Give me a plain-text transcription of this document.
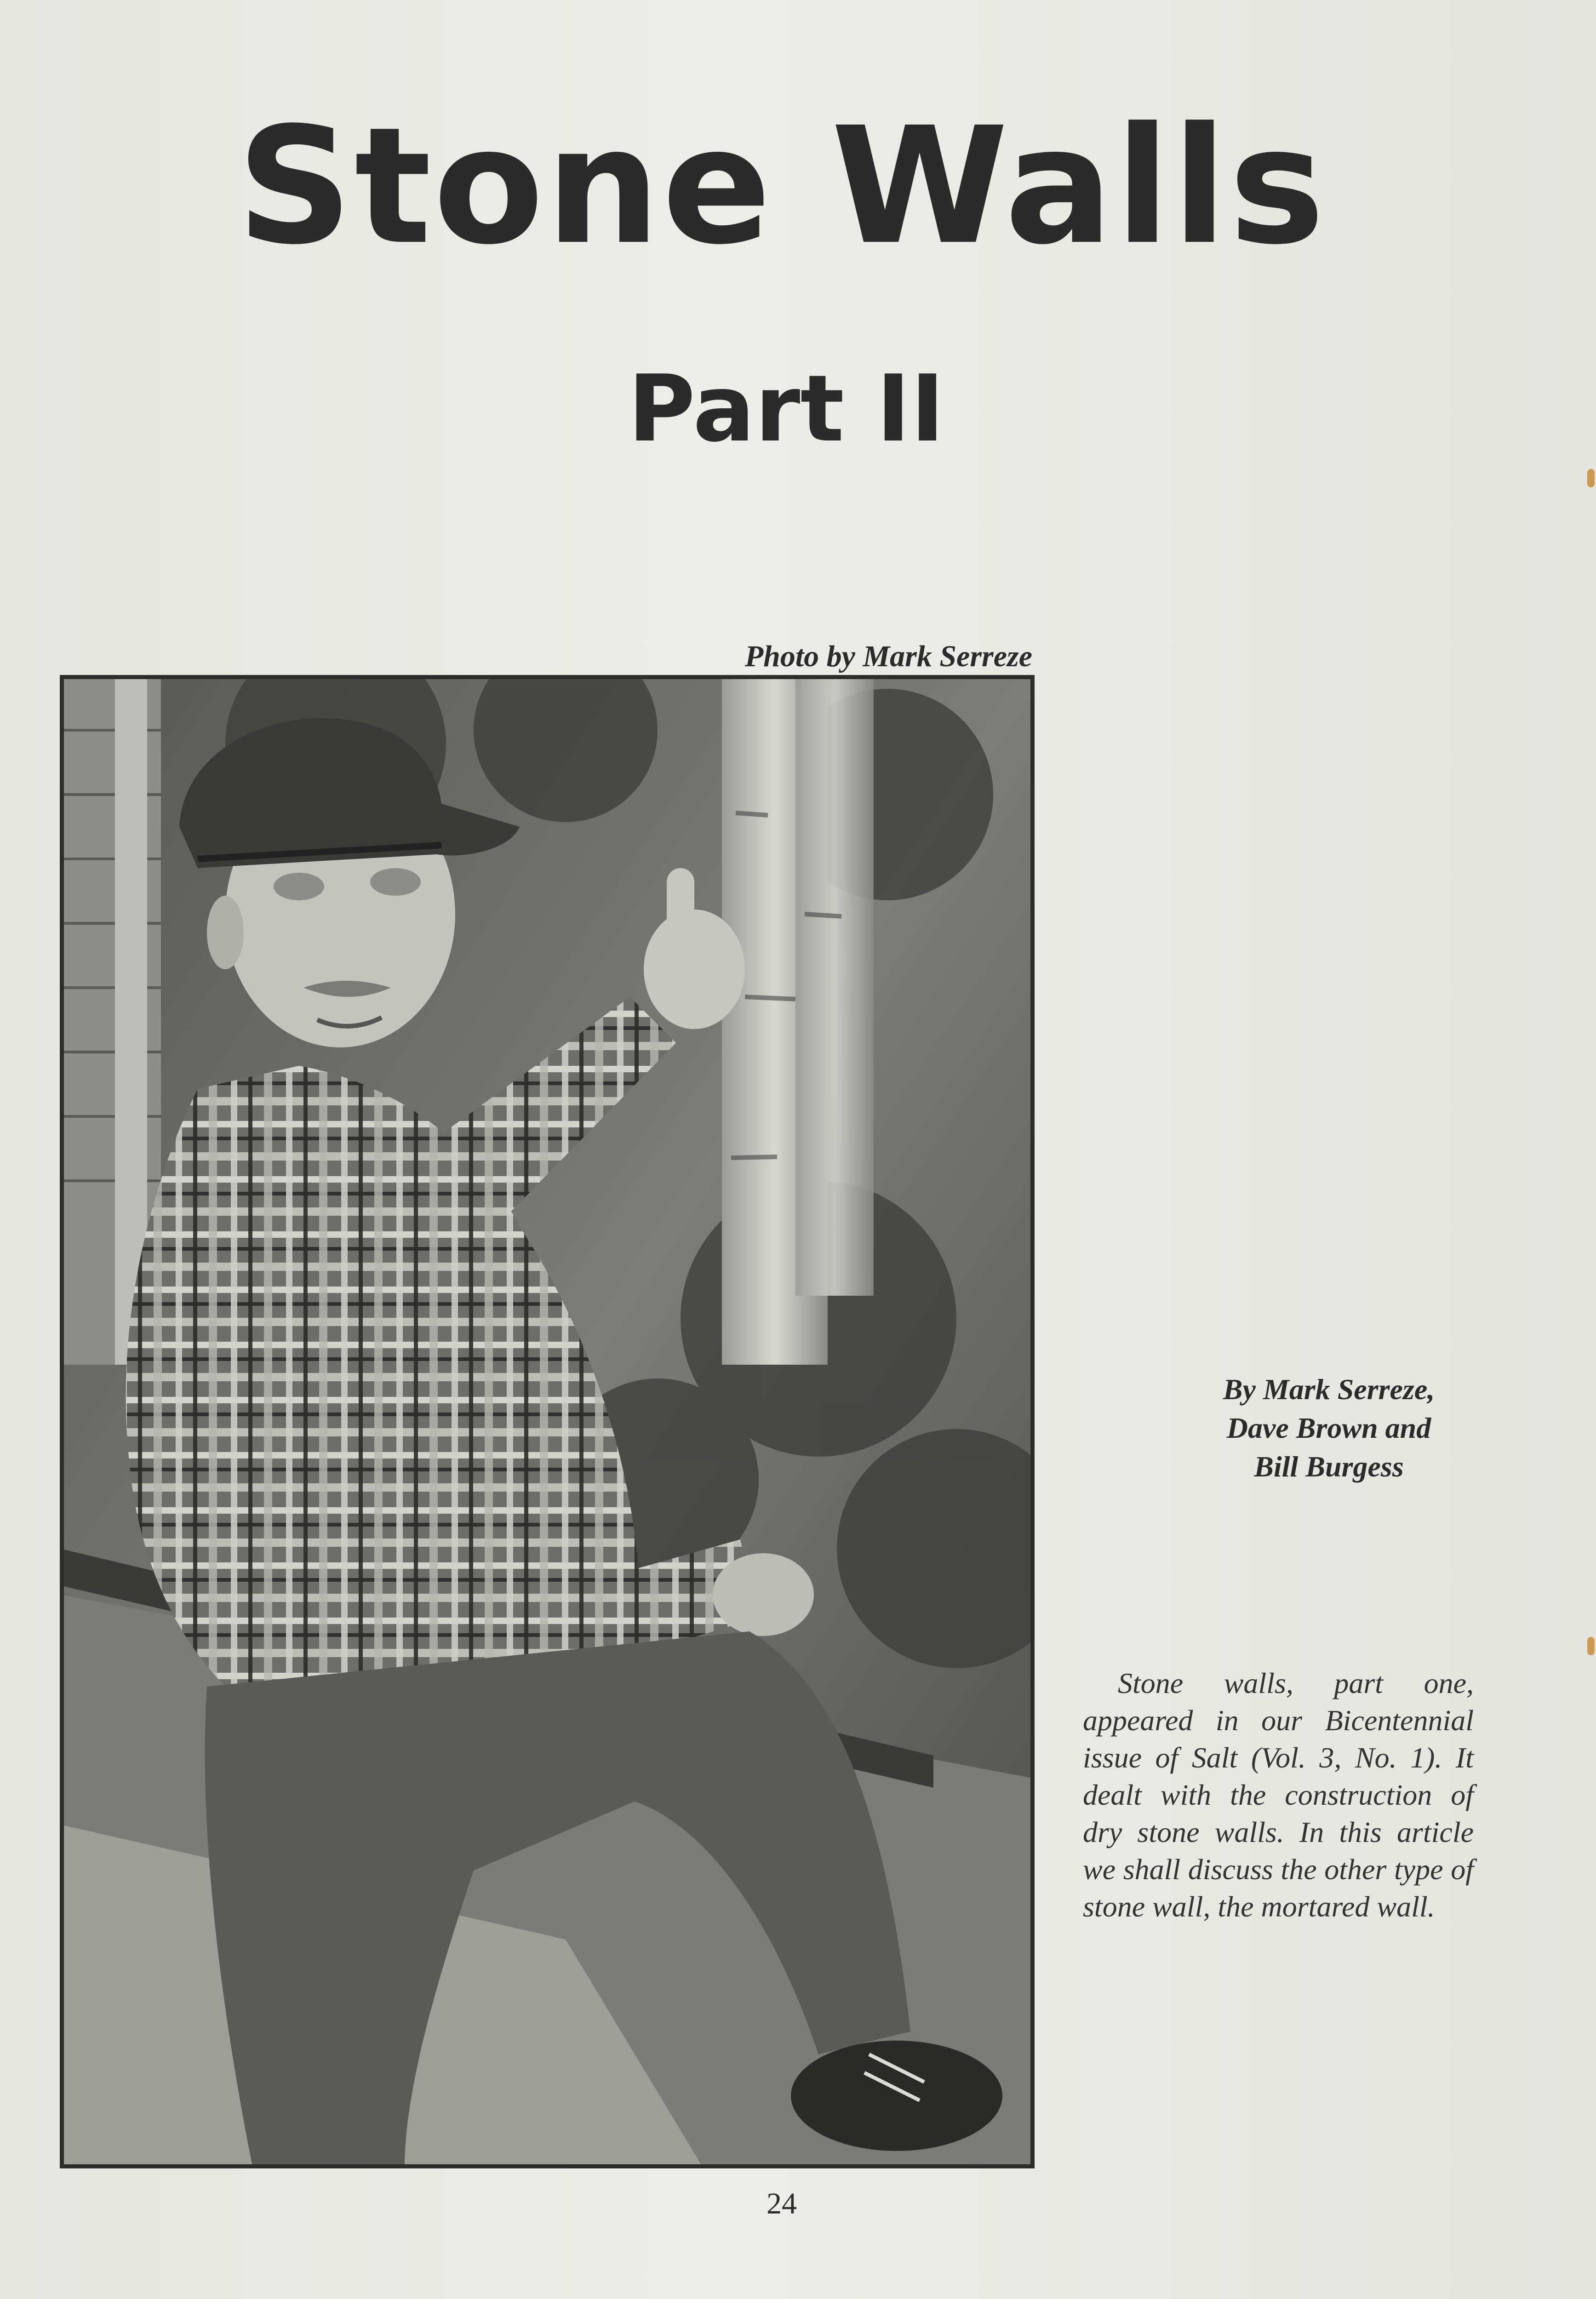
Stone Walls
Part II
Photo by Mark Serreze
By Mark Serreze,
Dave Brown and
Bill Burgess
Stone walls, part one, appeared in our Bicentennial issue of Salt (Vol. 3, No. 1). It dealt with the construction of dry stone walls. In this article we shall discuss the other type of stone wall, the mortared wall.
24
